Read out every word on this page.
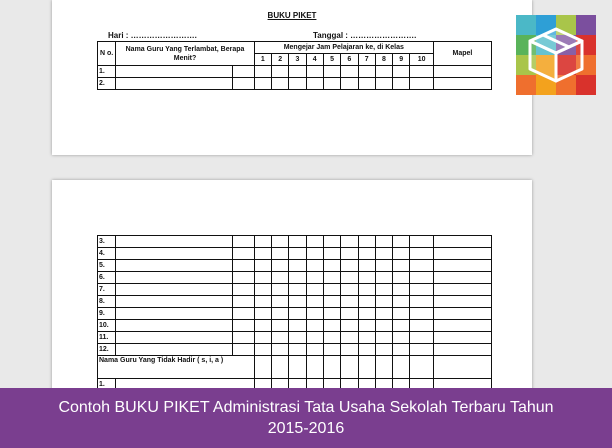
BUKU PIKET
Hari : …………………….	Tanggal : …………………….
N o.	Nama Guru Yang Terlambat, Berapa Menit?		Mengejar Jam Pelajaran ke, di Kelas										Mapel
			1	2	3	4	5	6	7	8	9	10	
1.													
2.													
3.													
4.													
5.													
6.													
7.													
8.													
9.													
10.													
11.													
12.													
Nama Guru Yang Tidak Hadir ( s, i, a )													
1.													
Contoh BUKU PIKET Administrasi Tata Usaha Sekolah Terbaru Tahun
2015-2016
